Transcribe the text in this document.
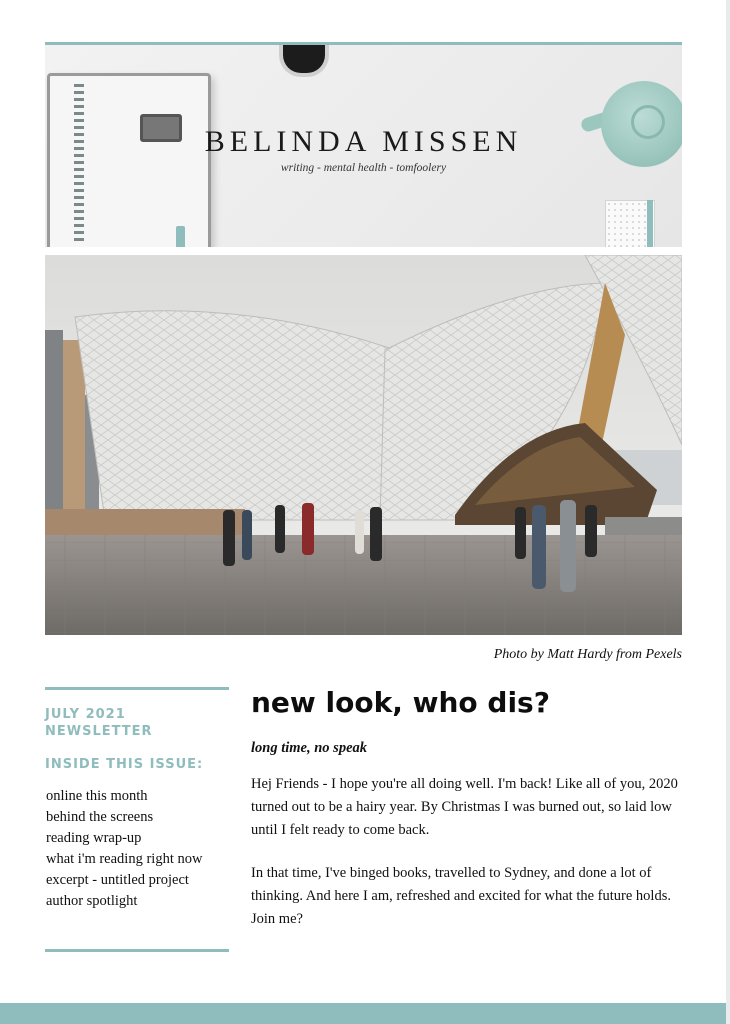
BELINDA MISSEN
writing - mental health - tomfoolery
Photo by Matt Hardy from Pexels
JULY 2021 NEWSLETTER
INSIDE THIS ISSUE:
online this month
behind the screens
reading wrap-up
what i'm reading right now
excerpt - untitled project
author spotlight
new look, who dis?
long time, no speak

Hej Friends - I hope you're all doing well. I'm back! Like all of you, 2020 turned out to be a hairy year. By Christmas I was burned out, so laid low until I felt ready to come back.

In that time, I've binged books, travelled to Sydney, and done a lot of thinking. And here I am, refreshed and excited for what the future holds. Join me?
